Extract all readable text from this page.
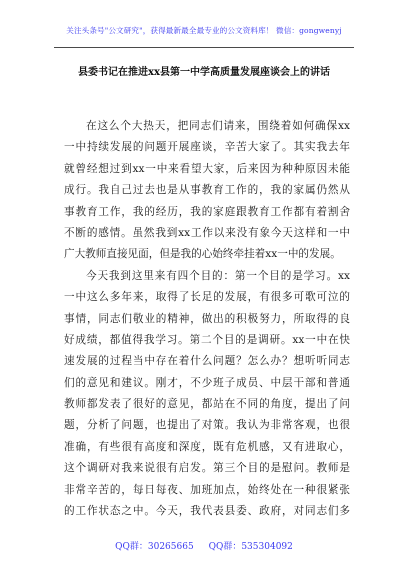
关注头条号"公文研究"，获得最新最全最专业的公文资料库！ 微信：gongwenyj
县委书记在推进xx县第一中学高质量发展座谈会上的讲话
在这么个大热天，把同志们请来，围绕着如何确保xx
一中持续发展的问题开展座谈，辛苦大家了。其实我去年
就曾经想过到xx一中来看望大家，后来因为种种原因未能
成行。我自己过去也是从事教育工作的，我的家属仍然从
事教育工作，我的经历，我的家庭跟教育工作都有着割舍
不断的感情。虽然我到xx工作以来没有象今天这样和一中
广大教师直接见面，但是我的心始终牵挂着xx一中的发展。
今天我到这里来有四个目的：第一个目的是学习。xx
一中这么多年来，取得了长足的发展，有很多可歌可泣的
事情，同志们敬业的精神，做出的积极努力，所取得的良
好成绩，都值得我学习。第二个目的是调研。xx一中在快
速发展的过程当中存在着什么问题？怎么办？想听听同志
们的意见和建议。刚才，不少班子成员、中层干部和普通
教师都发表了很好的意见，都站在不同的角度，提出了问
题，分析了问题，也提出了对策。我认为非常客观，也很
准确，有些很有高度和深度，既有危机感，又有进取心，
这个调研对我来说很有启发。第三个目的是慰问。教师是
非常辛苦的，每日每夜、加班加点，始终处在一种很紧张
的工作状态之中。今天，我代表县委、政府，对同志们多
QQ群：30265665 QQ群：535304092
